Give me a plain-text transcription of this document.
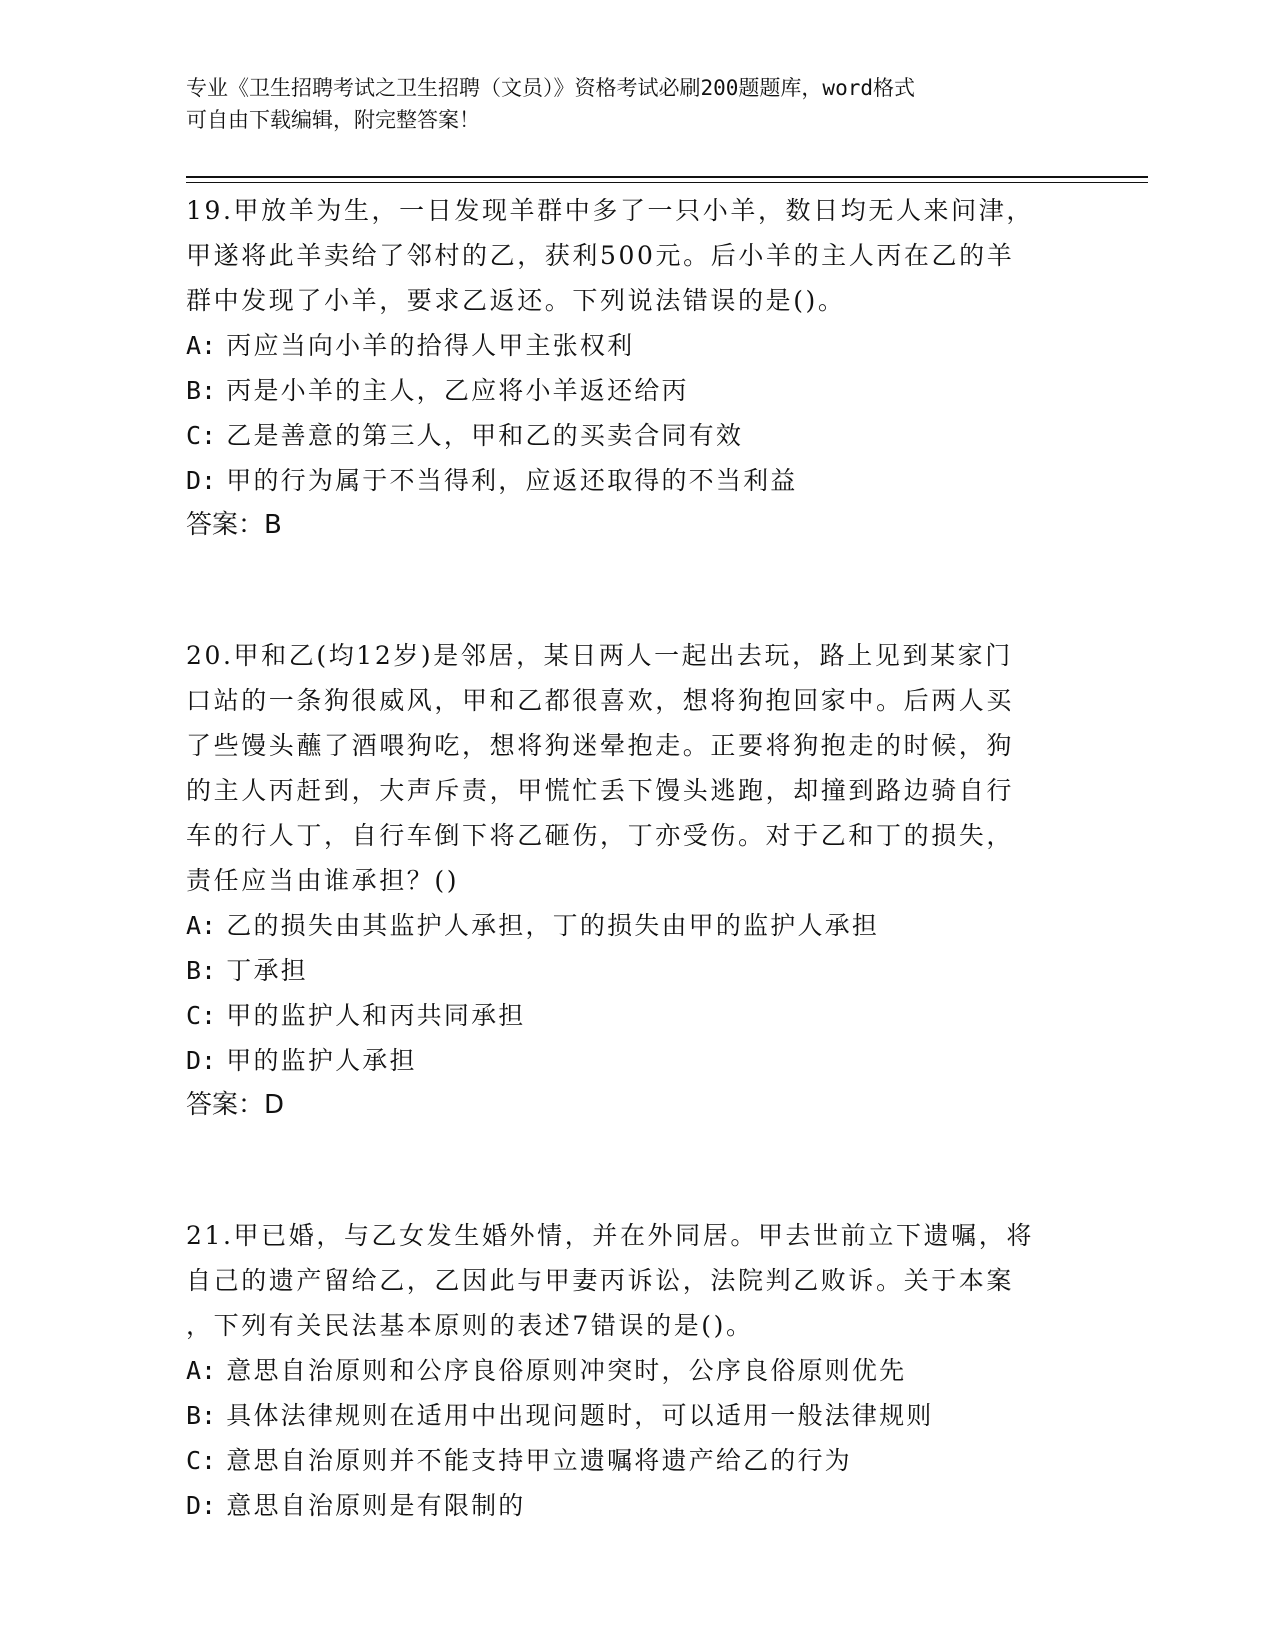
专业《卫生招聘考试之卫生招聘（文员）》资格考试必刷200题题库，word格式
可自由下载编辑，附完整答案！
19.甲放羊为生，一日发现羊群中多了一只小羊，数日均无人来问津，
甲遂将此羊卖给了邻村的乙，获利500元。后小羊的主人丙在乙的羊
群中发现了小羊，要求乙返还。下列说法错误的是()。
A: 丙应当向小羊的拾得人甲主张权利
B: 丙是小羊的主人，乙应将小羊返还给丙
C: 乙是善意的第三人，甲和乙的买卖合同有效
D: 甲的行为属于不当得利，应返还取得的不当利益
答案：B
20.甲和乙(均12岁)是邻居，某日两人一起出去玩，路上见到某家门
口站的一条狗很威风，甲和乙都很喜欢，想将狗抱回家中。后两人买
了些馒头蘸了酒喂狗吃，想将狗迷晕抱走。正要将狗抱走的时候，狗
的主人丙赶到，大声斥责，甲慌忙丢下馒头逃跑，却撞到路边骑自行
车的行人丁，自行车倒下将乙砸伤，丁亦受伤。对于乙和丁的损失，
责任应当由谁承担？()
A: 乙的损失由其监护人承担，丁的损失由甲的监护人承担
B: 丁承担
C: 甲的监护人和丙共同承担
D: 甲的监护人承担
答案：D
21.甲已婚，与乙女发生婚外情，并在外同居。甲去世前立下遗嘱，将
自己的遗产留给乙，乙因此与甲妻丙诉讼，法院判乙败诉。关于本案
，下列有关民法基本原则的表述7错误的是()。
A: 意思自治原则和公序良俗原则冲突时，公序良俗原则优先
B: 具体法律规则在适用中出现问题时，可以适用一般法律规则
C: 意思自治原则并不能支持甲立遗嘱将遗产给乙的行为
D: 意思自治原则是有限制的
